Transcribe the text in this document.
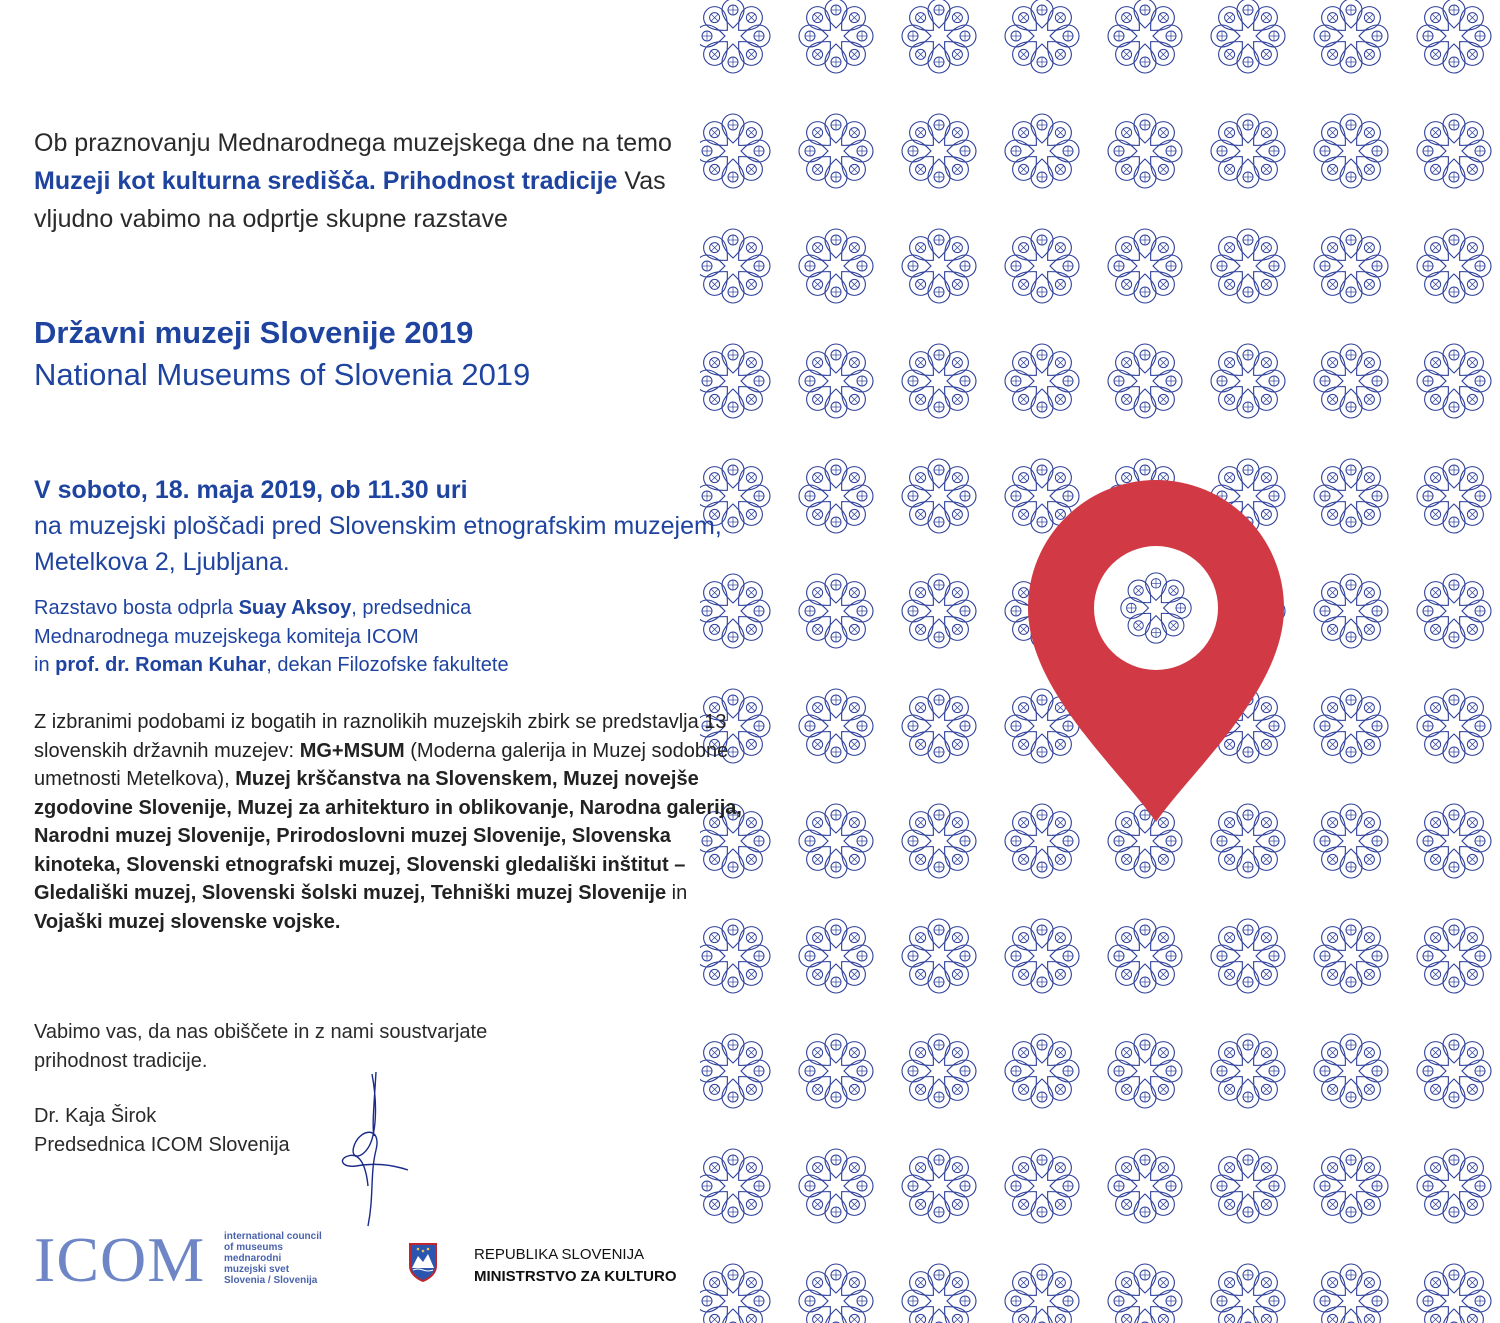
Ob praznovanju Mednarodnega muzejskega dne na temo Muzeji kot kulturna središča. Prihodnost tradicije Vas vljudno vabimo na odprtje skupne razstave
Državni muzeji Slovenije 2019
National Museums of Slovenia 2019
V soboto, 18. maja 2019, ob 11.30 uri
na muzejski ploščadi pred Slovenskim etnografskim muzejem, Metelkova 2, Ljubljana.
Razstavo bosta odprla Suay Aksoy, predsednica
Mednarodnega muzejskega komiteja ICOM
in prof. dr. Roman Kuhar, dekan Filozofske fakultete
Z izbranimi podobami iz bogatih in raznolikih muzejskih zbirk se predstavlja 13 slovenskih državnih muzejev: MG+MSUM (Moderna galerija in Muzej sodobne umetnosti Metelkova), Muzej krščanstva na Slovenskem, Muzej novejše zgodovine Slovenije, Muzej za arhitekturo in oblikovanje, Narodna galerija, Narodni muzej Slovenije, Prirodoslovni muzej Slovenije, Slovenska kinoteka, Slovenski etnografski muzej, Slovenski gledališki inštitut – Gledališki muzej, Slovenski šolski muzej, Tehniški muzej Slovenije in Vojaški muzej slovenske vojske.
Vabimo vas, da nas obiščete in z nami soustvarjate
prihodnost tradicije.
Dr. Kaja Širok
Predsednica ICOM Slovenija
ICOM international council
of museums
mednarodni
muzejski svet
Slovenia / Slovenija
REPUBLIKA SLOVENIJA
MINISTRSTVO ZA KULTURO
